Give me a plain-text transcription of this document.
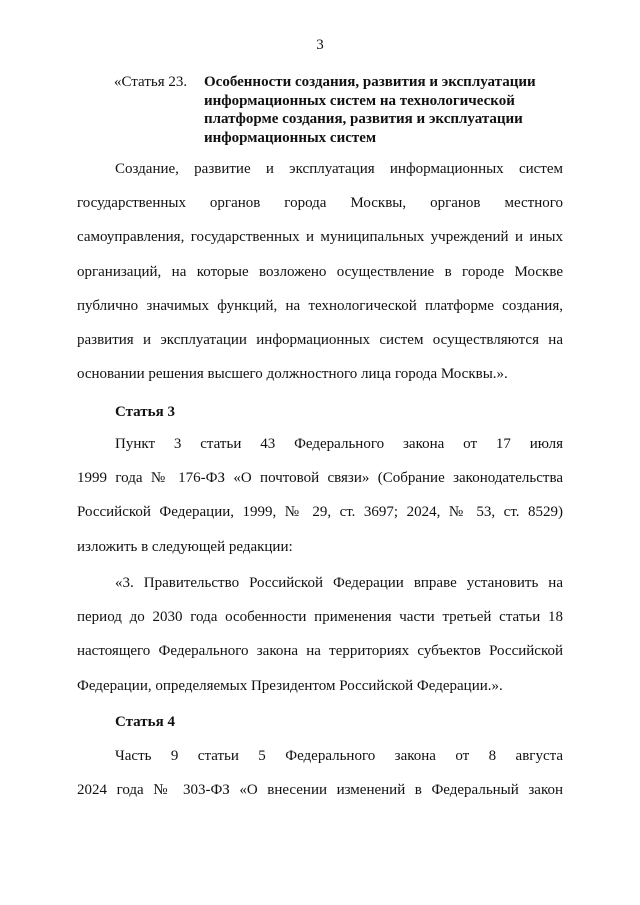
3
«Статья 23.	Особенности создания, развития и эксплуатации
информационных систем на технологической
платформе создания, развития и эксплуатации
информационных систем
Создание, развитие и эксплуатация информационных систем
государственных органов города Москвы, органов местного
самоуправления, государственных и муниципальных учреждений и иных
организаций, на которые возложено осуществление в городе Москве
публично значимых функций, на технологической платформе создания,
развития и эксплуатации информационных систем осуществляются на
основании решения высшего должностного лица города Москвы.».
Статья 3
Пункт 3 статьи 43 Федерального закона от 17 июля
1999 года № 176-ФЗ «О почтовой связи» (Собрание законодательства
Российской Федерации, 1999, № 29, ст. 3697; 2024, № 53, ст. 8529)
изложить в следующей редакции:
«3. Правительство Российской Федерации вправе установить на
период до 2030 года особенности применения части третьей статьи 18
настоящего Федерального закона на территориях субъектов Российской
Федерации, определяемых Президентом Российской Федерации.».
Статья 4
Часть 9 статьи 5 Федерального закона от 8 августа
2024 года № 303-ФЗ «О внесении изменений в Федеральный закон
